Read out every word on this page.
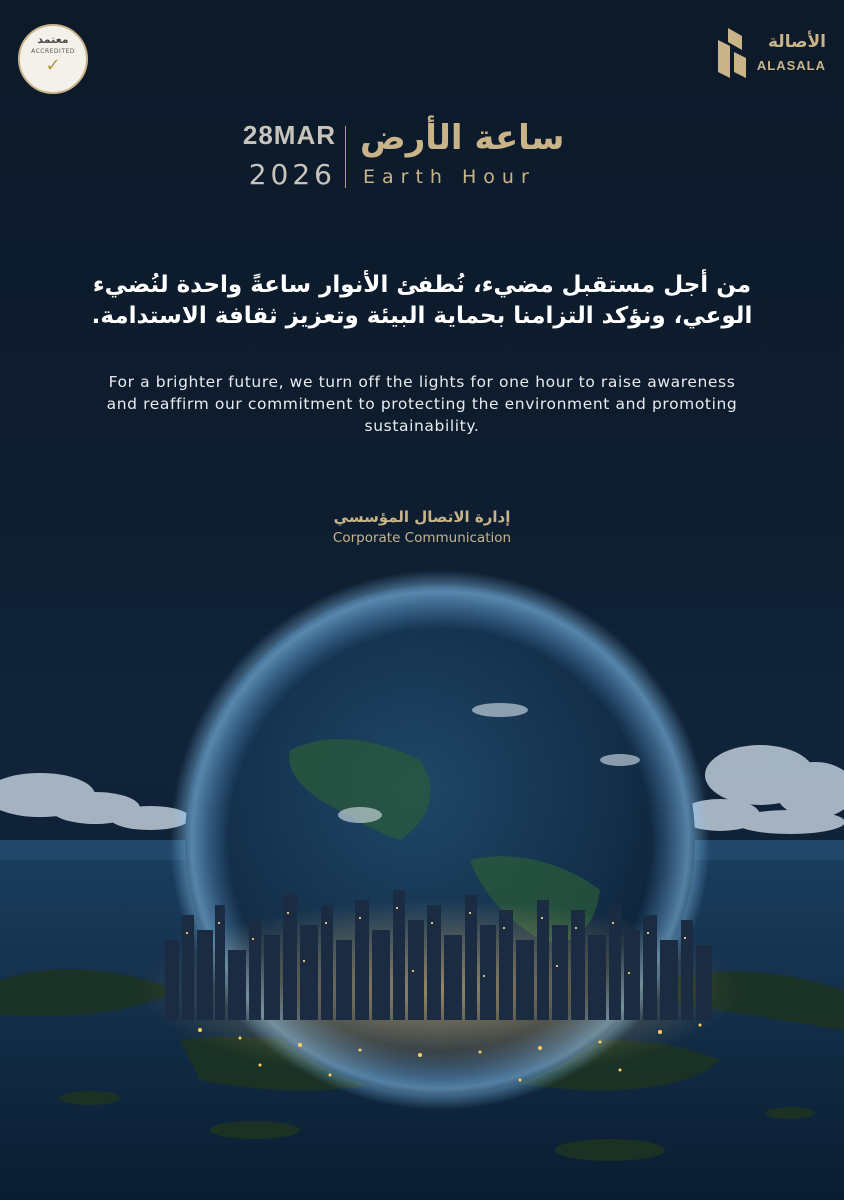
معتمد
ACCREDITED
✓
الأصالة
ALASALA
28MAR
2026
ساعة الأرض
Earth Hour
من أجل مستقبل مضيء، نُطفئ الأنوار ساعةً واحدة لنُضيء الوعي، ونؤكد التزامنا بحماية البيئة وتعزيز ثقافة الاستدامة.
For a brighter future, we turn off the lights for one hour to raise awareness and reaffirm our commitment to protecting the environment and promoting sustainability.
إدارة الاتصال المؤسسي
Corporate Communication
